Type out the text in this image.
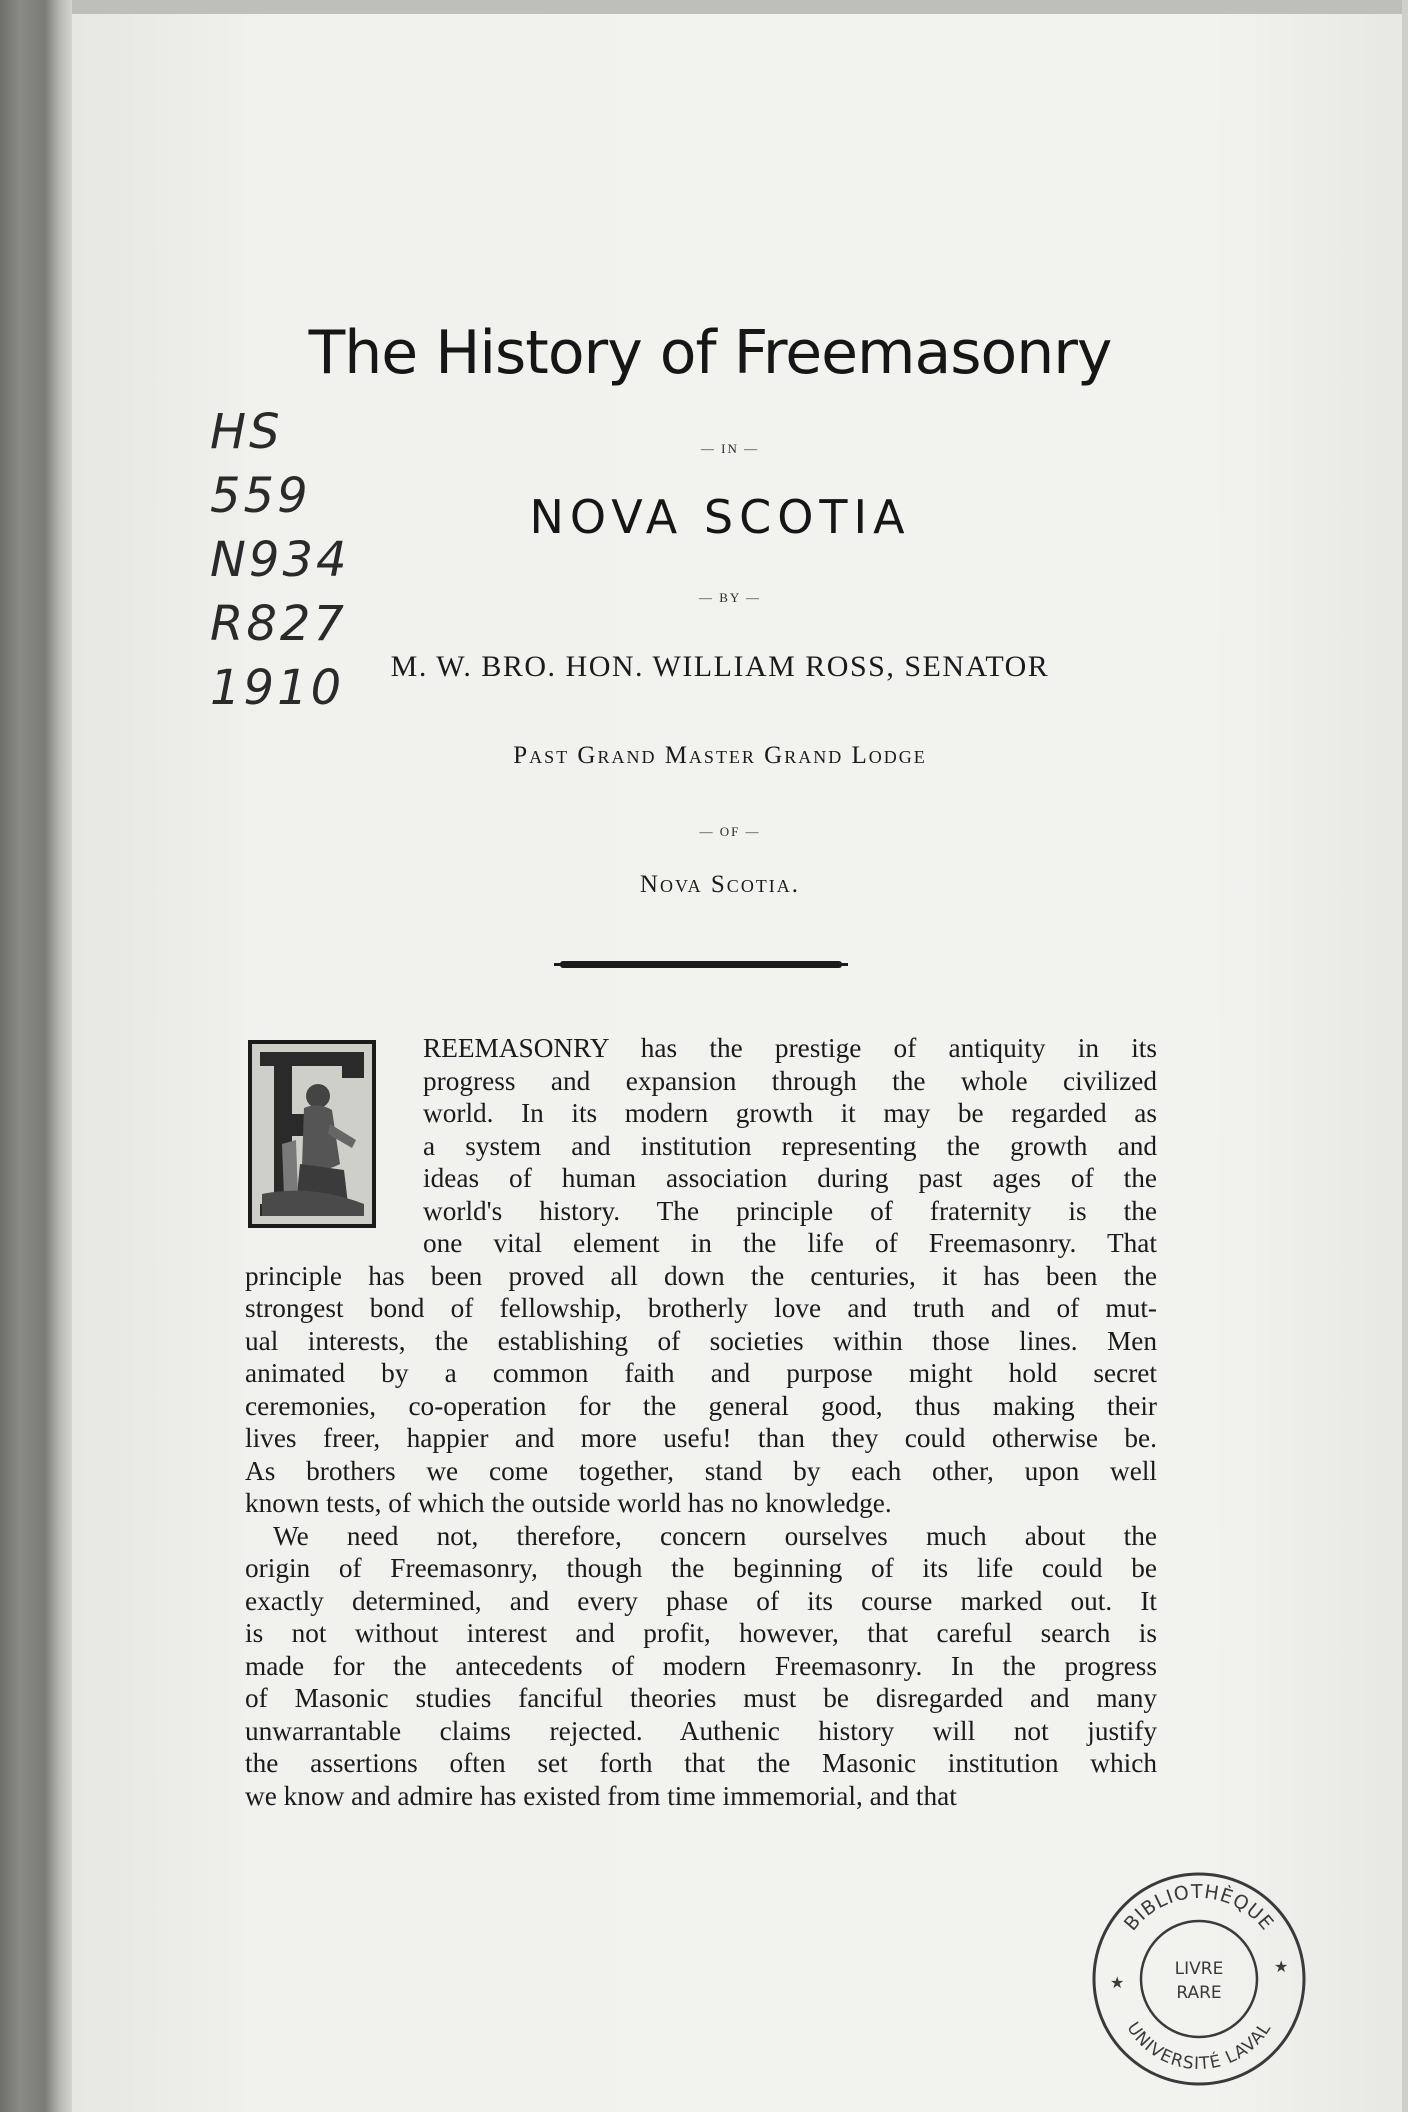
The History of Freemasonry
— IN —
NOVA SCOTIA
— BY —
M. W. BRO. HON. WILLIAM ROSS, SENATOR
Past Grand Master Grand Lodge
— OF —
Nova Scotia.
HS
559
N934
R827
1910
REEMASONRY has the prestige of antiquity in its
progress and expansion through the whole civilized
world. In its modern growth it may be regarded as
a system and institution representing the growth and
ideas of human association during past ages of the
world's history. The principle of fraternity is the
one vital element in the life of Freemasonry. That
principle has been proved all down the centuries, it has been the
strongest bond of fellowship, brotherly love and truth and of mut-
ual interests, the establishing of societies within those lines. Men
animated by a common faith and purpose might hold secret
ceremonies, co-operation for the general good, thus making their
lives freer, happier and more usefu! than they could otherwise be.
As brothers we come together, stand by each other, upon well
known tests, of which the outside world has no knowledge.
We need not, therefore, concern ourselves much about the
origin of Freemasonry, though the beginning of its life could be
exactly determined, and every phase of its course marked out. It
is not without interest and profit, however, that careful search is
made for the antecedents of modern Freemasonry. In the progress
of Masonic studies fanciful theories must be disregarded and many
unwarrantable claims rejected. Authenic history will not justify
the assertions often set forth that the Masonic institution which
we know and admire has existed from time immemorial, and that
BIBLIOTHÈQUE
UNIVERSITÉ LAVAL
LIVRE
RARE
★
★
